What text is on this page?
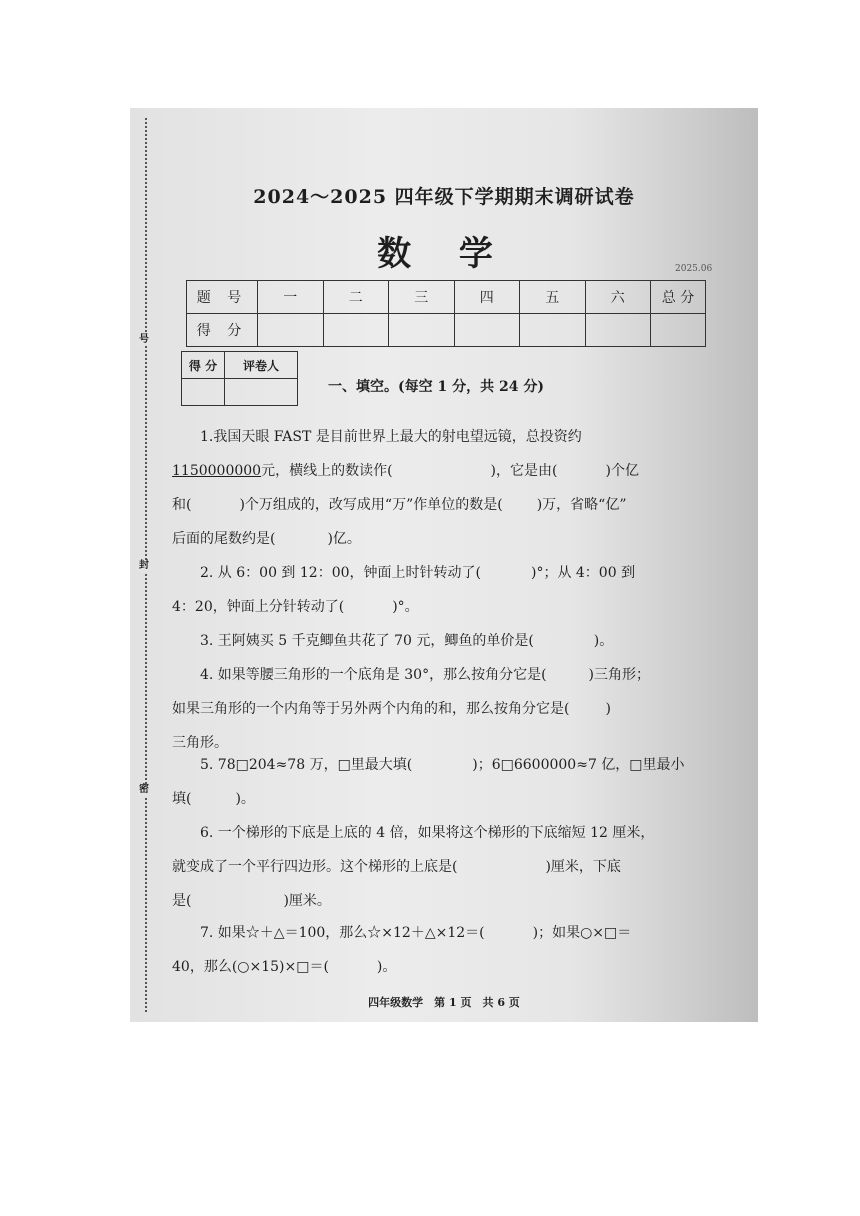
号
封
密
2024～2025 四年级下学期期末调研试卷
数 学	2025.06
题 号	一	二	三	四	五	六	总 分
得 分							
得 分	评卷人

一、填空。(每空 1 分，共 24 分)
1.我国天眼 FAST 是目前世界上最大的射电望远镜，总投资约
1150000000元，横线上的数读作(	)，它是由(	)个亿
和(	)个万组成的，改写成用“万”作单位的数是( )万，省略“亿”
后面的尾数约是(	)亿。
2. 从 6：00 到 12：00，钟面上时针转动了(	)°；从 4：00 到
4：20，钟面上分针转动了(	)°。
3. 王阿姨买 5 千克鲫鱼共花了 70 元，鲫鱼的单价是(	)。
4. 如果等腰三角形的一个底角是 30°，那么按角分它是(	)三角形；
如果三角形的一个内角等于另外两个内角的和，那么按角分它是(	)
三角形。
5. 78□204≈78 万，□里最大填(	)；6□6600000≈7 亿，□里最小
填(	)。
6. 一个梯形的下底是上底的 4 倍，如果将这个梯形的下底缩短 12 厘米，
就变成了一个平行四边形。这个梯形的上底是(	)厘米，下底
是(	)厘米。
7. 如果☆＋△＝100，那么☆×12＋△×12＝(	)；如果○×□＝
40，那么(○×15)×□＝(	)。
四年级数学　第 1 页　共 6 页
